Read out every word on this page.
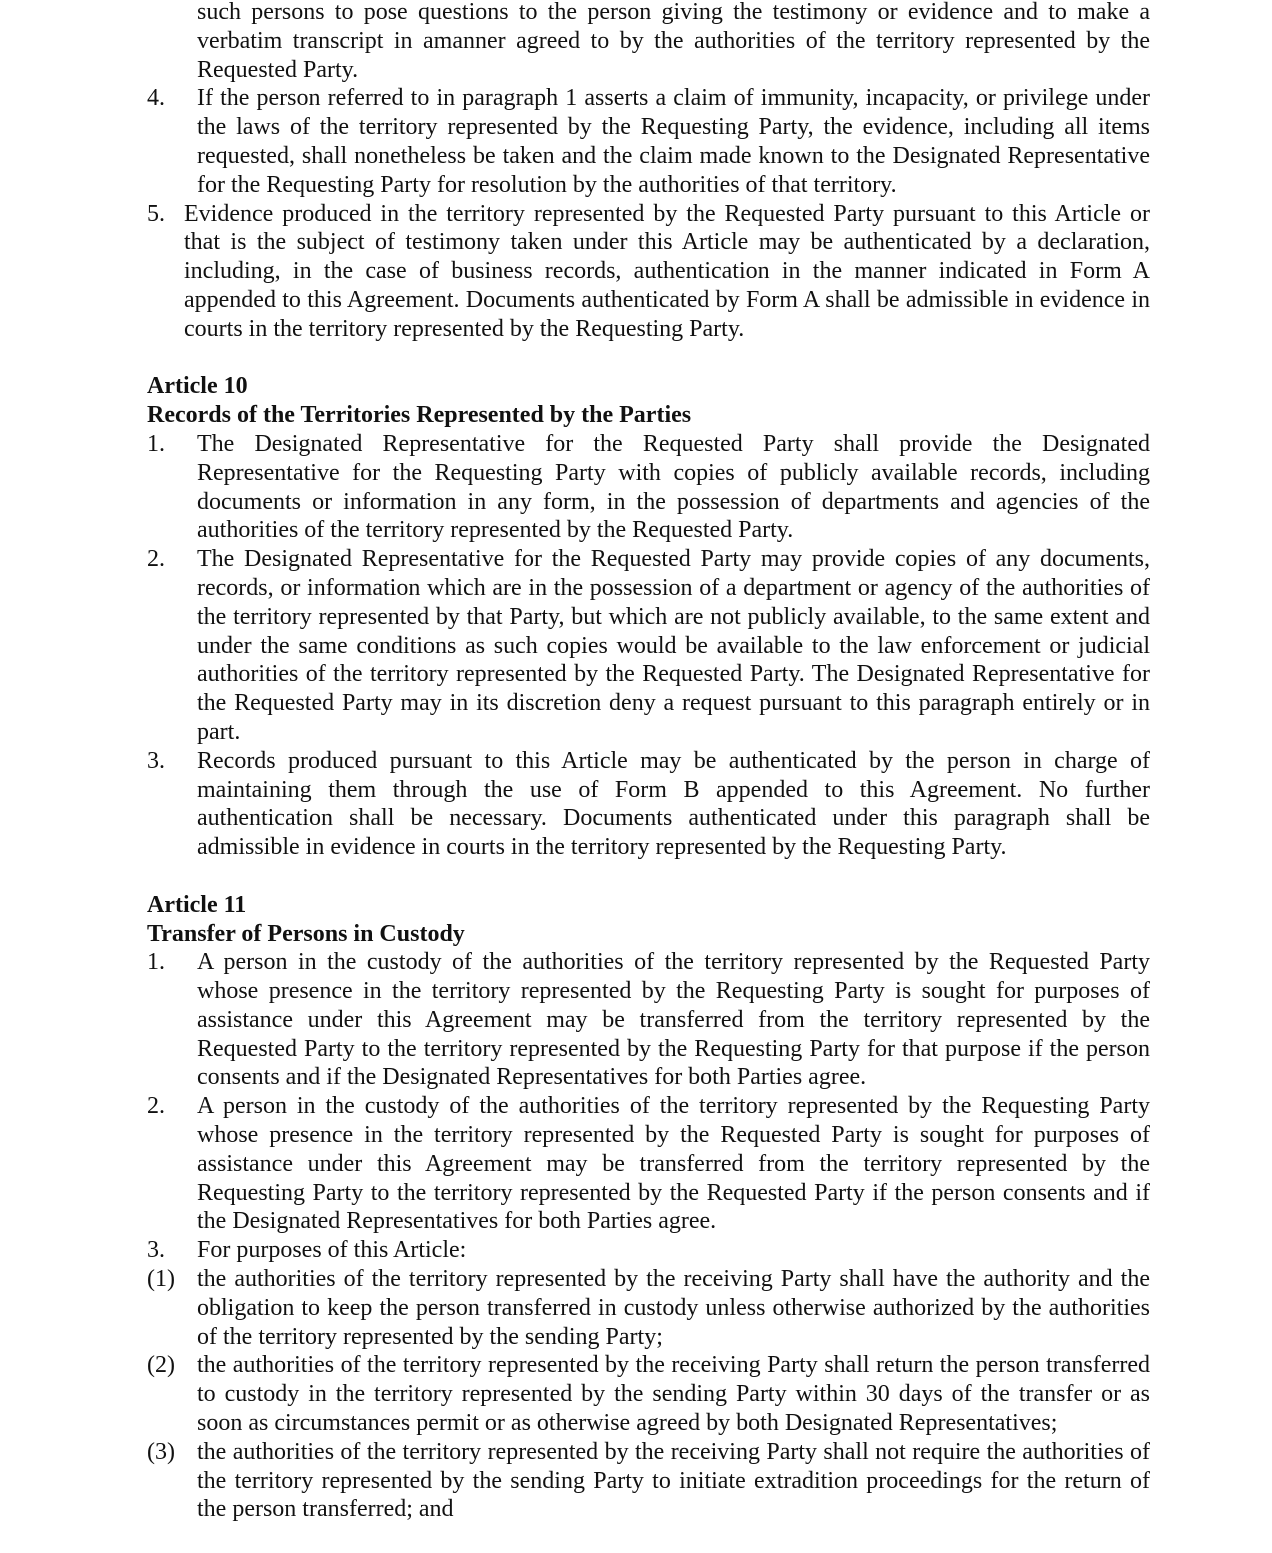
such persons to pose questions to the person giving the testimony or evidence and to make a verbatim transcript in amanner agreed to by the authorities of the territory represented by the Requested Party.
4. If the person referred to in paragraph 1 asserts a claim of immunity, incapacity, or privilege under the laws of the territory represented by the Requesting Party, the evidence, including all items requested, shall nonetheless be taken and the claim made known to the Designated Representative for the Requesting Party for resolution by the authorities of that territory.
5. Evidence produced in the territory represented by the Requested Party pursuant to this Article or that is the subject of testimony taken under this Article may be authenticated by a declaration, including, in the case of business records, authentication in the manner indicated in Form A appended to this Agreement. Documents authenticated by Form A shall be admissible in evidence in courts in the territory represented by the Requesting Party.
Article 10
Records of the Territories Represented by the Parties
1. The Designated Representative for the Requested Party shall provide the Designated Representative for the Requesting Party with copies of publicly available records, including documents or information in any form, in the possession of departments and agencies of the authorities of the territory represented by the Requested Party.
2. The Designated Representative for the Requested Party may provide copies of any documents, records, or information which are in the possession of a department or agency of the authorities of the territory represented by that Party, but which are not publicly available, to the same extent and under the same conditions as such copies would be available to the law enforcement or judicial authorities of the territory represented by the Requested Party. The Designated Representative for the Requested Party may in its discretion deny a request pursuant to this paragraph entirely or in part.
3. Records produced pursuant to this Article may be authenticated by the person in charge of maintaining them through the use of Form B appended to this Agreement. No further authentication shall be necessary. Documents authenticated under this paragraph shall be admissible in evidence in courts in the territory represented by the Requesting Party.
Article 11
Transfer of Persons in Custody
1. A person in the custody of the authorities of the territory represented by the Requested Party whose presence in the territory represented by the Requesting Party is sought for purposes of assistance under this Agreement may be transferred from the territory represented by the Requested Party to the territory represented by the Requesting Party for that purpose if the person consents and if the Designated Representatives for both Parties agree.
2. A person in the custody of the authorities of the territory represented by the Requesting Party whose presence in the territory represented by the Requested Party is sought for purposes of assistance under this Agreement may be transferred from the territory represented by the Requesting Party to the territory represented by the Requested Party if the person consents and if the Designated Representatives for both Parties agree.
3. For purposes of this Article:
(1) the authorities of the territory represented by the receiving Party shall have the authority and the obligation to keep the person transferred in custody unless otherwise authorized by the authorities of the territory represented by the sending Party;
(2) the authorities of the territory represented by the receiving Party shall return the person transferred to custody in the territory represented by the sending Party within 30 days of the transfer or as soon as circumstances permit or as otherwise agreed by both Designated Representatives;
(3) the authorities of the territory represented by the receiving Party shall not require the authorities of the territory represented by the sending Party to initiate extradition proceedings for the return of the person transferred; and
